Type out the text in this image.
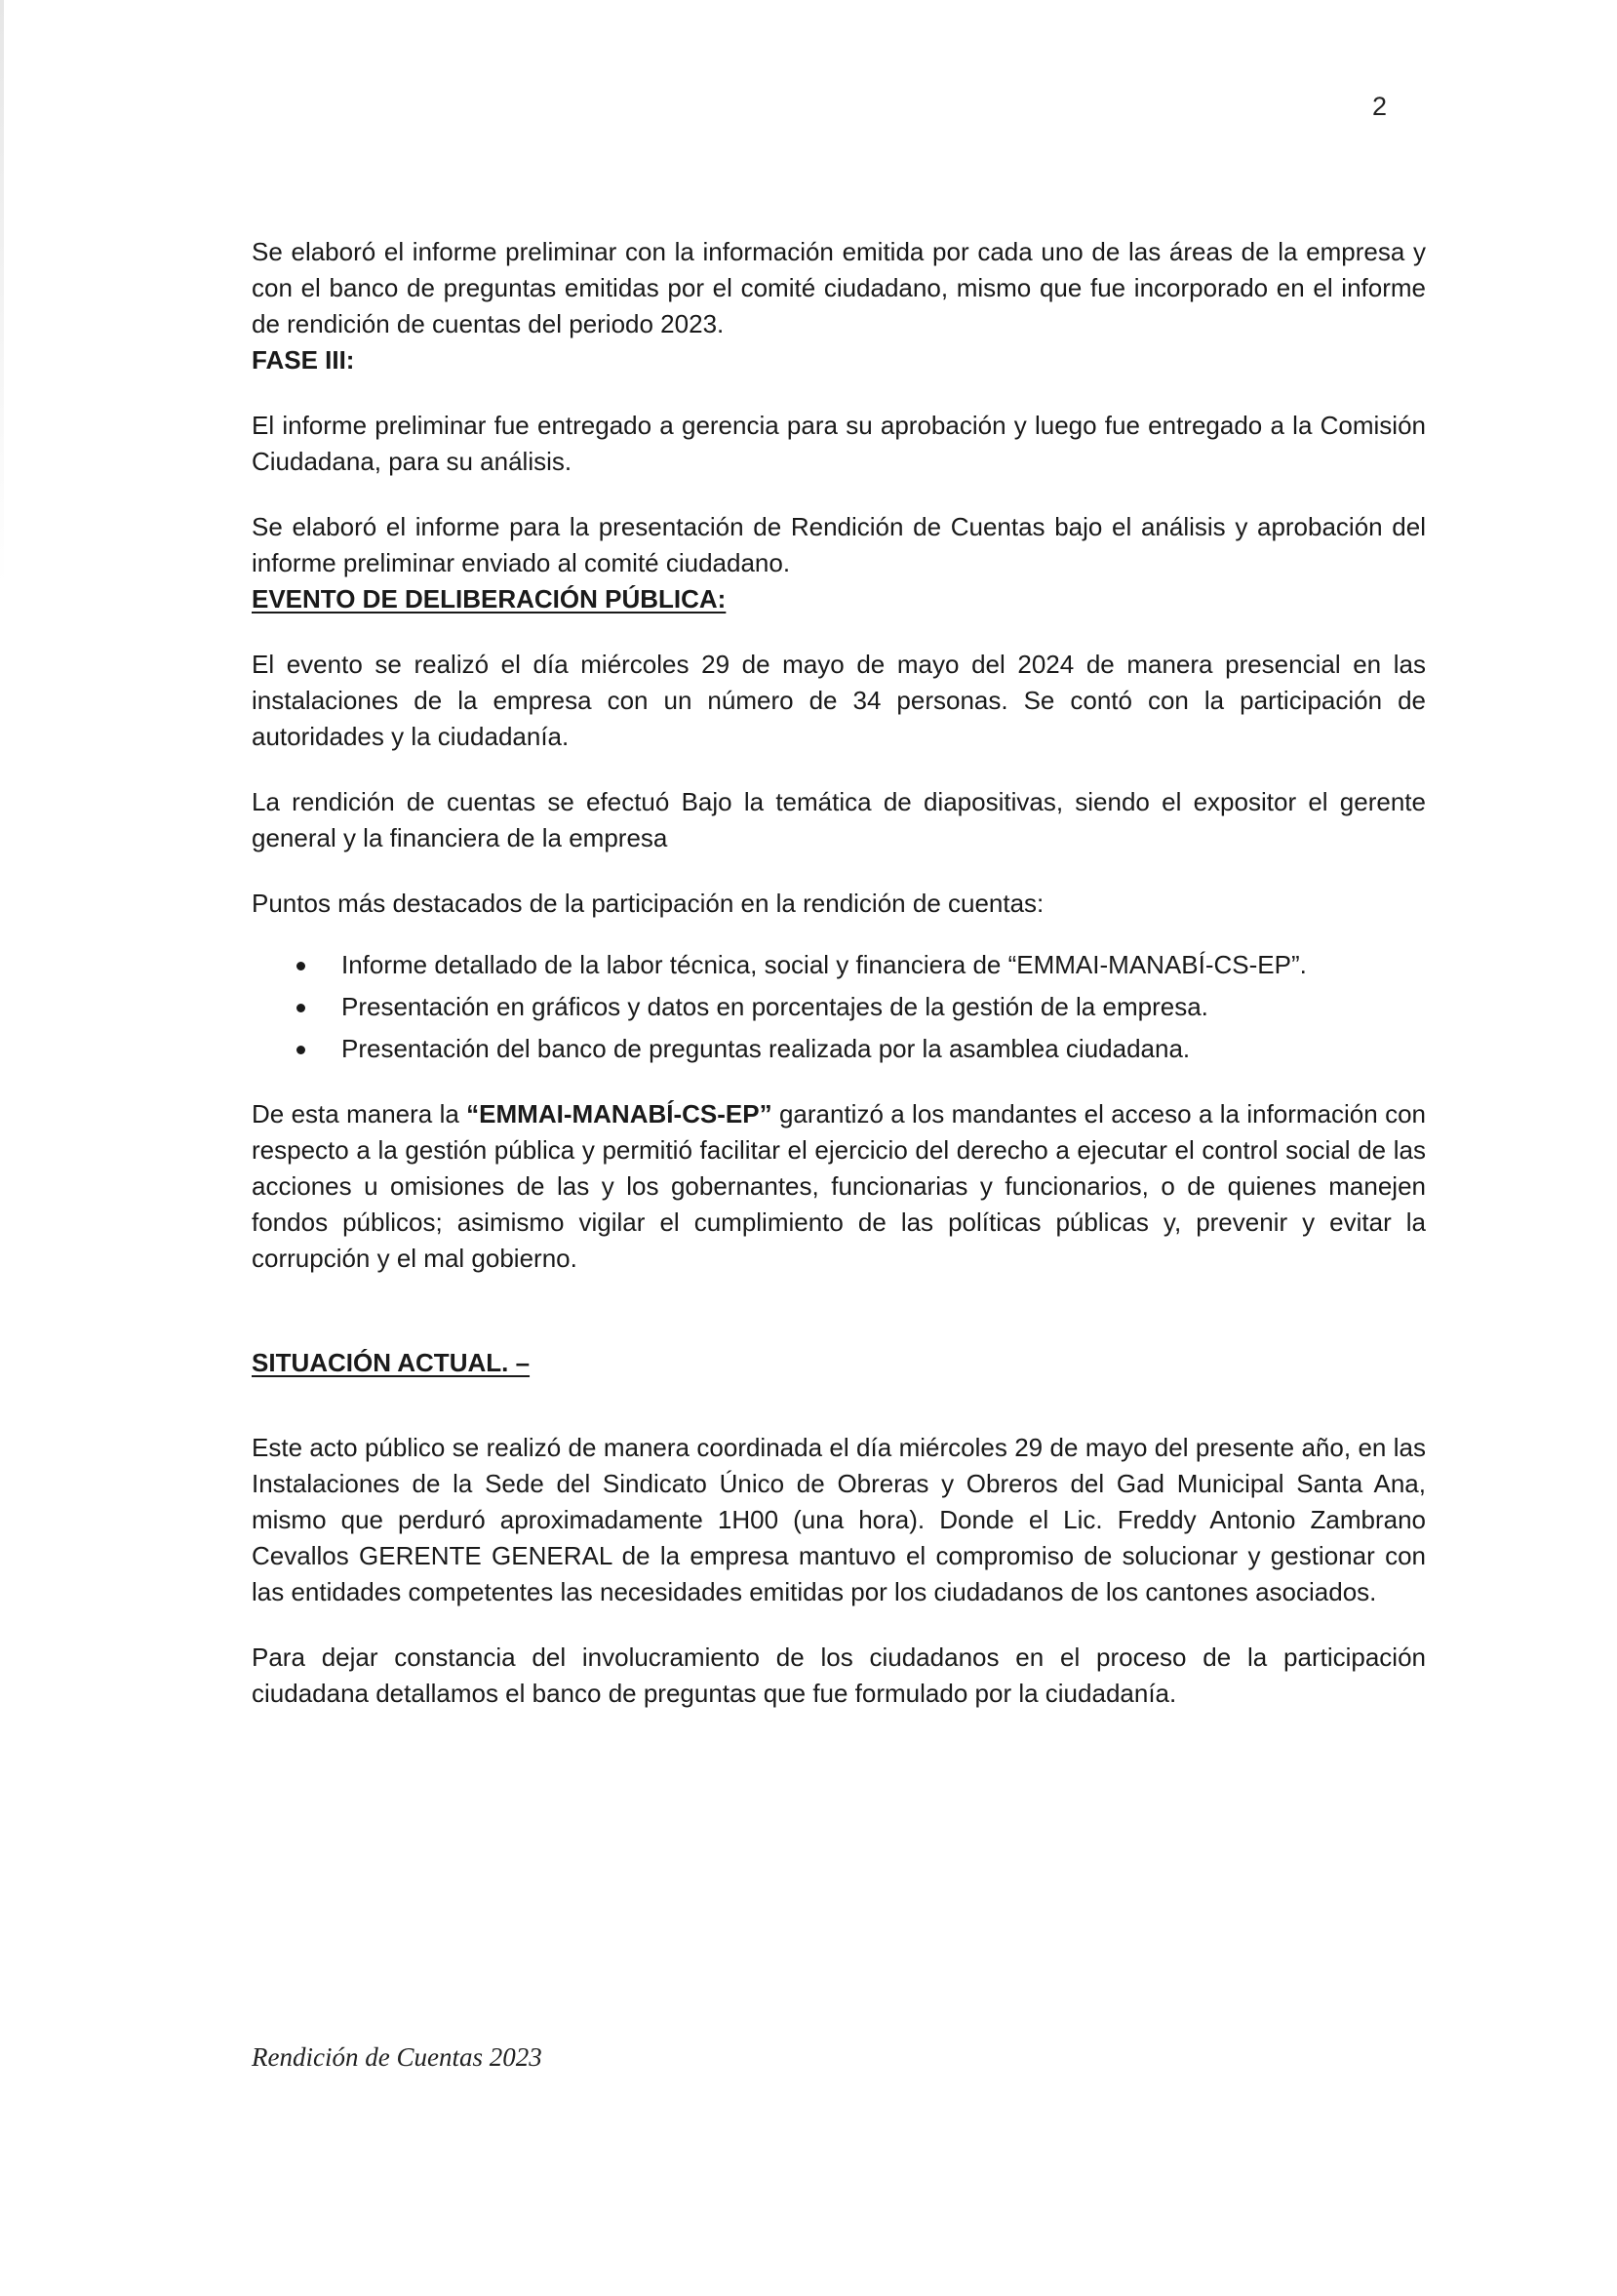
2

Se elaboró el informe preliminar con la información emitida por cada uno de las áreas de la empresa y con el banco de preguntas emitidas por el comité ciudadano, mismo que fue incorporado en el informe de rendición de cuentas del periodo 2023.

FASE III:

El informe preliminar fue entregado a gerencia para su aprobación y luego fue entregado a la Comisión Ciudadana, para su análisis.

Se elaboró el informe para la presentación de Rendición de Cuentas bajo el análisis y aprobación del informe preliminar enviado al comité ciudadano.

EVENTO DE DELIBERACIÓN PÚBLICA:

El evento se realizó el día miércoles 29 de mayo de mayo del 2024 de manera presencial en las instalaciones de la empresa con un número de 34 personas. Se contó con la participación de autoridades y la ciudadanía.

La rendición de cuentas se efectuó Bajo la temática de diapositivas, siendo el expositor el gerente general y la financiera de la empresa

Puntos más destacados de la participación en la rendición de cuentas:

Informe detallado de la labor técnica, social y financiera de “EMMAI-MANABÍ-CS-EP”.
Presentación en gráficos y datos en porcentajes de la gestión de la empresa.
Presentación del banco de preguntas realizada por la asamblea ciudadana.

De esta manera la “EMMAI-MANABÍ-CS-EP” garantizó a los mandantes el acceso a la información con respecto a la gestión pública y permitió facilitar el ejercicio del derecho a ejecutar el control social de las acciones u omisiones de las y los gobernantes, funcionarias y funcionarios, o de quienes manejen fondos públicos; asimismo vigilar el cumplimiento de las políticas públicas y, prevenir y evitar la corrupción y el mal gobierno.

SITUACIÓN ACTUAL. –

Este acto público se realizó de manera coordinada el día miércoles 29 de mayo del presente año, en las Instalaciones de la Sede del Sindicato Único de Obreras y Obreros del Gad Municipal Santa Ana, mismo que perduró aproximadamente 1H00 (una hora). Donde el Lic. Freddy Antonio Zambrano Cevallos GERENTE GENERAL de la empresa mantuvo el compromiso de solucionar y gestionar con las entidades competentes las necesidades emitidas por los ciudadanos de los cantones asociados.

Para dejar constancia del involucramiento de los ciudadanos en el proceso de la participación ciudadana detallamos el banco de preguntas que fue formulado por la ciudadanía.

Rendición de Cuentas 2023
